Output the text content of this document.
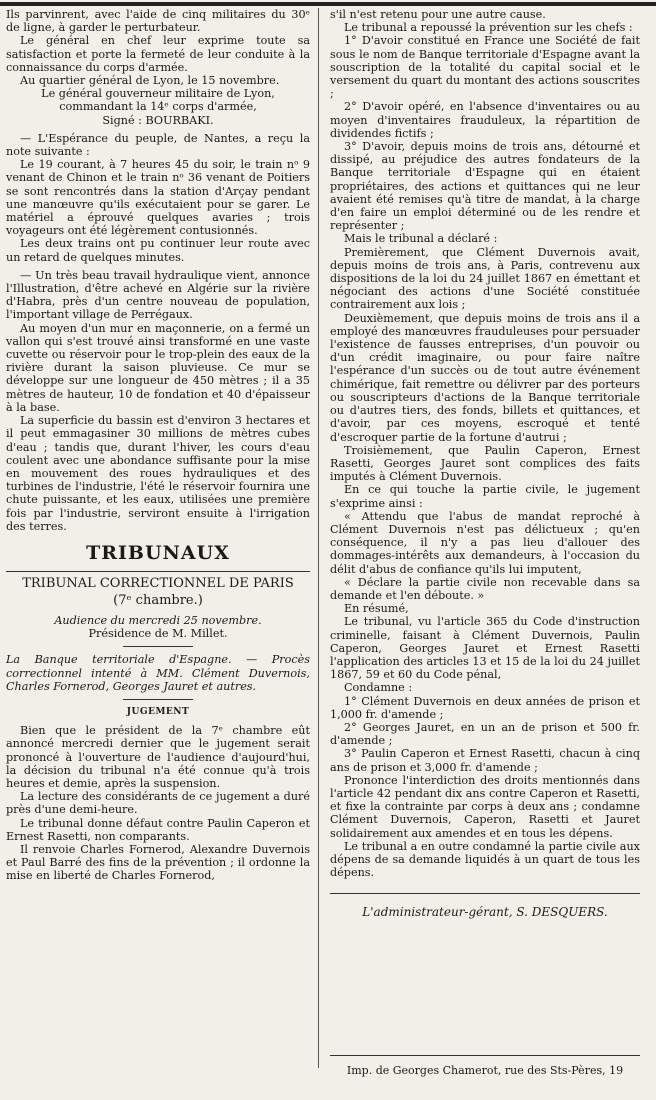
Ils parvinrent, avec l'aide de cinq militaires du 30ᵉ de ligne, à garder le perturbateur.

Le général en chef leur exprime toute sa satisfaction et porte la fermeté de leur conduite à la connaissance du corps d'armée.

Au quartier général de Lyon, le 15 novembre.

Le général gouverneur militaire de Lyon, commandant la 14ᵉ corps d'armée,

Signé : BOURBAKI.

— L'Espérance du peuple, de Nantes, a reçu la note suivante :

Le 19 courant, à 7 heures 45 du soir, le train nᵒ 9 venant de Chinon et le train nᵒ 36 venant de Poitiers se sont rencontrés dans la station d'Arçay pendant une manœuvre qu'ils exécutaient pour se garer. Le matériel a éprouvé quelques avaries ; trois voyageurs ont été légèrement contusionnés.

Les deux trains ont pu continuer leur route avec un retard de quelques minutes.

— Un très beau travail hydraulique vient, annonce l'Illustration, d'être achevé en Algérie sur la rivière d'Habra, près d'un centre nouveau de population, l'important village de Perrégaux.

Au moyen d'un mur en maçonnerie, on a fermé un vallon qui s'est trouvé ainsi transformé en une vaste cuvette ou réservoir pour le trop-plein des eaux de la rivière durant la saison pluvieuse. Ce mur se développe sur une longueur de 450 mètres ; il a 35 mètres de hauteur, 10 de fondation et 40 d'épaisseur à la base.

La superficie du bassin est d'environ 3 hectares et il peut emmagasiner 30 millions de mètres cubes d'eau ; tandis que, durant l'hiver, les cours d'eau coulent avec une abondance suffisante pour la mise en mouvement des roues hydrauliques et des turbines de l'industrie, l'été le réservoir fournira une chute puissante, et les eaux, utilisées une première fois par l'industrie, serviront ensuite à l'irrigation des terres.

TRIBUNAUX
TRIBUNAL CORRECTIONNEL DE PARIS
(7ᵉ chambre.)

Audience du mercredi 25 novembre.

Présidence de M. Millet.

La Banque territoriale d'Espagne. — Procès correctionnel intenté à MM. Clément Duvernois, Charles Fornerod, Georges Jauret et autres.

JUGEMENT

Bien que le président de la 7ᵉ chambre eût annoncé mercredi dernier que le jugement serait prononcé à l'ouverture de l'audience d'aujourd'hui, la décision du tribunal n'a été connue qu'à trois heures et demie, après la suspension.

La lecture des considérants de ce jugement a duré près d'une demi-heure.

Le tribunal donne défaut contre Paulin Caperon et Ernest Rasetti, non comparants.

Il renvoie Charles Fornerod, Alexandre Duvernois et Paul Barré des fins de la prévention ; il ordonne la mise en liberté de Charles Fornerod,

s'il n'est retenu pour une autre cause.

Le tribunal a repoussé la prévention sur les chefs :

1° D'avoir constitué en France une Société de fait sous le nom de Banque territoriale d'Espagne avant la souscription de la totalité du capital social et le versement du quart du montant des actions souscrites ;

2° D'avoir opéré, en l'absence d'inventaires ou au moyen d'inventaires frauduleux, la répartition de dividendes fictifs ;

3° D'avoir, depuis moins de trois ans, détourné et dissipé, au préjudice des autres fondateurs de la Banque territoriale d'Espagne qui en étaient propriétaires, des actions et quittances qui ne leur avaient été remises qu'à titre de mandat, à la charge d'en faire un emploi déterminé ou de les rendre et représenter ;

Mais le tribunal a déclaré :

Premièrement, que Clément Duvernois avait, depuis moins de trois ans, à Paris, contrevenu aux dispositions de la loi du 24 juillet 1867 en émettant et négociant des actions d'une Société constituée contrairement aux lois ;

Deuxièmement, que depuis moins de trois ans il a employé des manœuvres frauduleuses pour persuader l'existence de fausses entreprises, d'un pouvoir ou d'un crédit imaginaire, ou pour faire naître l'espérance d'un succès ou de tout autre événement chimérique, fait remettre ou délivrer par des porteurs ou souscripteurs d'actions de la Banque territoriale ou d'autres tiers, des fonds, billets et quittances, et d'avoir, par ces moyens, escroqué et tenté d'escroquer partie de la fortune d'autrui ;

Troisièmement, que Paulin Caperon, Ernest Rasetti, Georges Jauret sont complices des faits imputés à Clément Duvernois.

En ce qui touche la partie civile, le jugement s'exprime ainsi :

« Attendu que l'abus de mandat reproché à Clément Duvernois n'est pas délictueux ; qu'en conséquence, il n'y a pas lieu d'allouer des dommages-intérêts aux demandeurs, à l'occasion du délit d'abus de confiance qu'ils lui imputent,

« Déclare la partie civile non recevable dans sa demande et l'en déboute. »

En résumé,

Le tribunal, vu l'article 365 du Code d'instruction criminelle, faisant à Clément Duvernois, Paulin Caperon, Georges Jauret et Ernest Rasetti l'application des articles 13 et 15 de la loi du 24 juillet 1867, 59 et 60 du Code pénal,

Condamne :

1° Clément Duvernois en deux années de prison et 1,000 fr. d'amende ;

2° Georges Jauret, en un an de prison et 500 fr. d'amende ;

3° Paulin Caperon et Ernest Rasetti, chacun à cinq ans de prison et 3,000 fr. d'amende ;

Prononce l'interdiction des droits mentionnés dans l'article 42 pendant dix ans contre Caperon et Rasetti, et fixe la contrainte par corps à deux ans ; condamne Clément Duvernois, Caperon, Rasetti et Jauret solidairement aux amendes et en tous les dépens.

Le tribunal a en outre condamné la partie civile aux dépens de sa demande liquidés à un quart de tous les dépens.

L'administrateur-gérant, S. DESQUERS.

Imp. de Georges Chamerot, rue des Sts-Pères, 19
